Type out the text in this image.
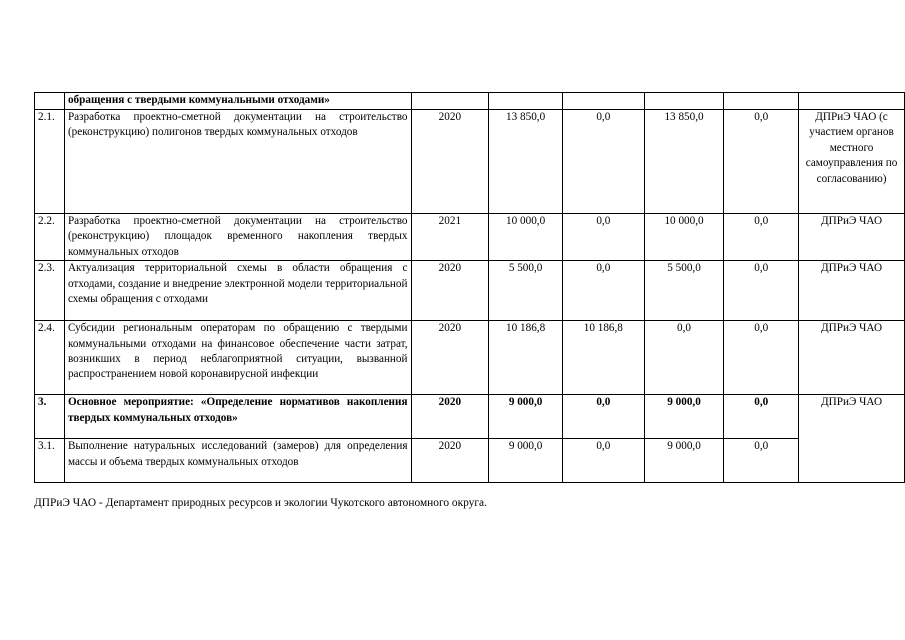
	обращения с твердыми коммунальными отходами»						
2.1.	Разработка проектно-сметной документации на строительство (реконструкцию) полигонов твердых коммунальных отходов	2020	13 850,0	0,0	13 850,0	0,0	ДПРиЭ ЧАО (с участием органов местного самоуправления по согласованию)
2.2.	Разработка проектно-сметной документации на строительство (реконструкцию) площадок временного накопления твердых коммунальных отходов	2021	10 000,0	0,0	10 000,0	0,0	ДПРиЭ ЧАО
2.3.	Актуализация территориальной схемы в области обращения с отходами, создание и внедрение электронной модели территориальной схемы обращения с отходами	2020	5 500,0	0,0	5 500,0	0,0	ДПРиЭ ЧАО
2.4.	Субсидии региональным операторам по обращению с твердыми коммунальными отходами на финансовое обеспечение части затрат, возникших в период неблагоприятной ситуации, вызванной распространением новой коронавирусной инфекции	2020	10 186,8	10 186,8	0,0	0,0	ДПРиЭ ЧАО
3.	Основное мероприятие: «Определение нормативов накопления твердых коммунальных отходов»	2020	9 000,0	0,0	9 000,0	0,0	ДПРиЭ ЧАО
3.1.	Выполнение натуральных исследований (замеров) для определения массы и объема твердых коммунальных отходов	2020	9 000,0	0,0	9 000,0	0,0	
ДПРиЭ ЧАО - Департамент природных ресурсов и экологии Чукотского автономного округа.
